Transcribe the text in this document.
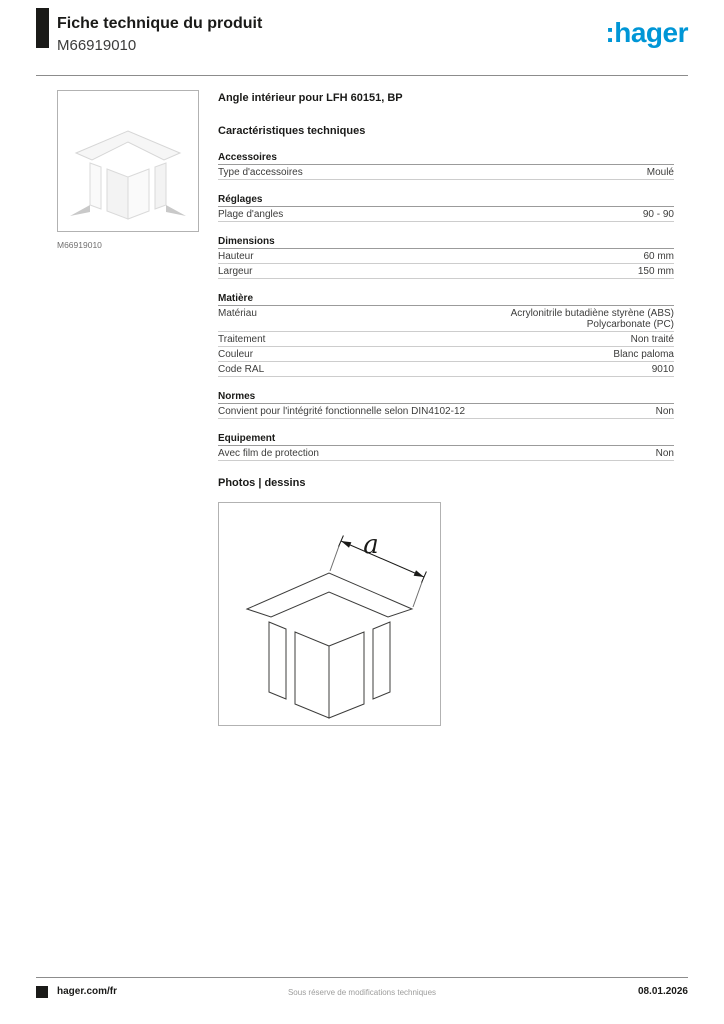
Fiche technique du produit
M66919010	:hager
M66919010
Angle intérieur pour LFH 60151, BP
Caractéristiques techniques
Accessoires
Type d'accessoires	Moulé
Réglages
Plage d'angles	90 - 90
Dimensions
Hauteur	60 mm
Largeur	150 mm
Matière
Matériau	Acrylonitrile butadiène styrène (ABS)
Polycarbonate (PC)
Traitement	Non traité
Couleur	Blanc paloma
Code RAL	9010
Normes
Convient pour l'intégrité fonctionnelle selon DIN4102-12	Non
Equipement
Avec film de protection	Non
Photos | dessins
a
hager.com/fr	Sous réserve de modifications techniques	08.01.2026
